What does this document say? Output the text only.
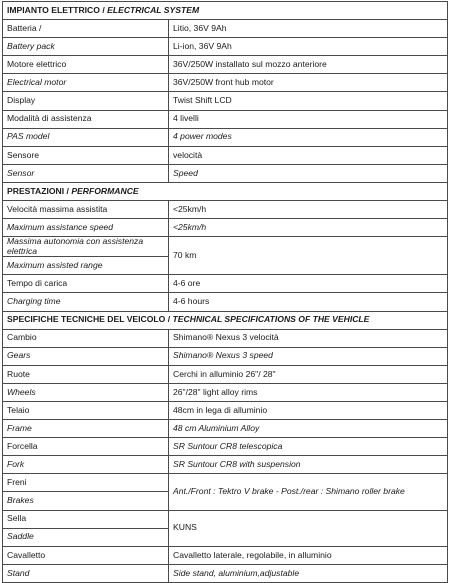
IMPIANTO ELETTRICO / ELECTRICAL SYSTEM	
Batteria /	Litio, 36V 9Ah
Battery pack	Li-ion, 36V 9Ah
Motore elettrico	36V/250W installato sul mozzo anteriore
Electrical motor	36V/250W front hub motor
Display	Twist Shift LCD
Modalità di assistenza	4 livelli
PAS model	4 power modes
Sensore	velocità
Sensor	Speed
PRESTAZIONI / PERFORMANCE	
Velocità massima assistita	<25km/h
Maximum assistance speed	<25km/h
Massima autonomia con assistenza elettrica	70 km
Maximum assisted range	
Tempo di carica	4-6 ore
Charging time	4-6 hours
SPECIFICHE TECNICHE DEL VEICOLO / TECHNICAL SPECIFICATIONS OF THE VEHICLE	
Cambio	Shimano® Nexus 3 velocità
Gears	Shimano® Nexus 3 speed
Ruote	Cerchi in alluminio 26"/ 28"
Wheels	26"/28" light alloy rims
Telaio	48cm in lega di alluminio
Frame	48 cm Aluminium Alloy
Forcella	SR Suntour CR8 telescopica
Fork	SR Suntour CR8 with suspension
Freni	Ant./Front : Tektro V brake - Post./rear : Shimano roller brake
Brakes	
Sella	KUNS
Saddle	
Cavalletto	Cavalletto laterale, regolabile, in alluminio
Stand	Side stand, aluminium,adjustable
